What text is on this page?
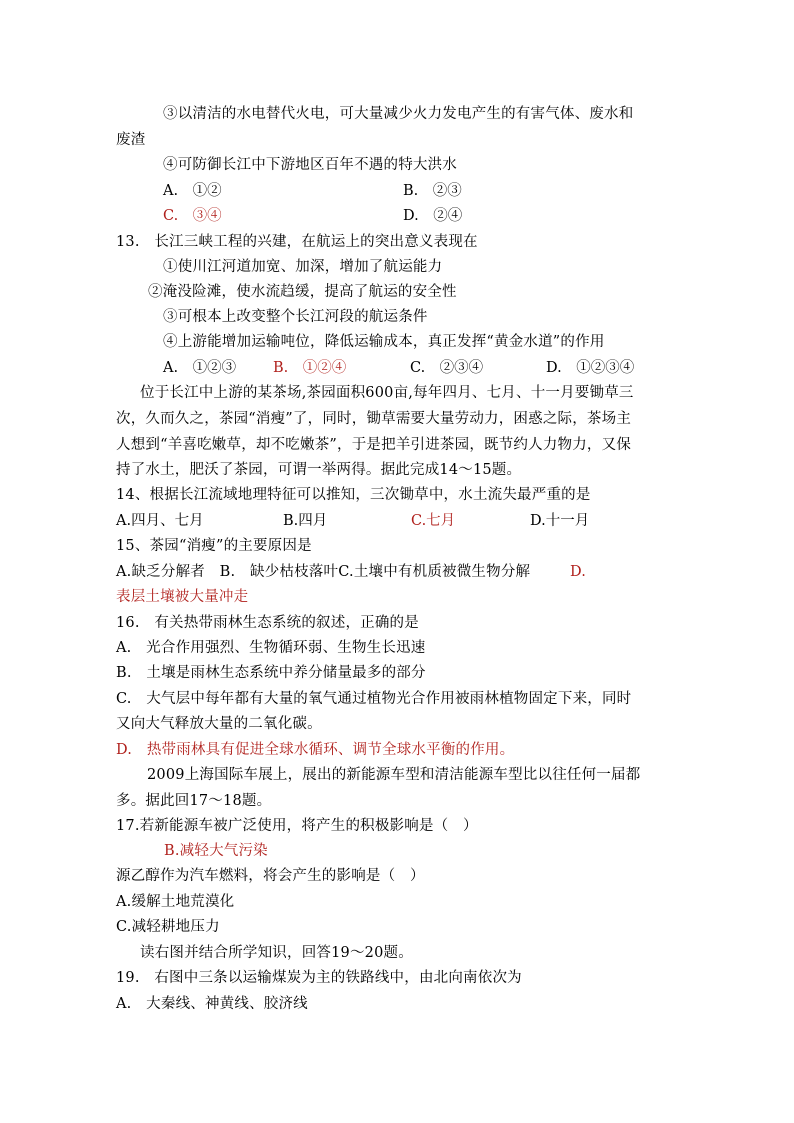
③以清洁的水电替代火电，可大量减少火力发电产生的有害气体、废水和
废渣
④可防御长江中下游地区百年不遇的特大洪水
A.　①②	B.　②③
C.　③④	D.　②④
13.　长江三峡工程的兴建，在航运上的突出意义表现在
①使川江河道加宽、加深，增加了航运能力
②淹没险滩，使水流趋缓，提高了航运的安全性
③可根本上改变整个长江河段的航运条件
④上游能增加运输吨位，降低运输成本，真正发挥“黄金水道”的作用
A.　①②③	B.　①②④	C.　②③④	D.　①②③④
位于长江中上游的某茶场,茶园面积600亩,每年四月、七月、十一月要锄草三
次，久而久之，茶园“消瘦”了，同时，锄草需要大量劳动力，困惑之际，茶场主
人想到“羊喜吃嫩草，却不吃嫩茶”，于是把羊引进茶园，既节约人力物力，又保
持了水土，肥沃了茶园，可谓一举两得。据此完成14～15题。
14、根据长江流域地理特征可以推知，三次锄草中，水土流失最严重的是
A.四月、七月	B.四月	C.七月	D.十一月
15、茶园“消瘦”的主要原因是
A.缺乏分解者　B.　缺少枯枝落叶C.土壤中有机质被微生物分解	D.
表层土壤被大量冲走
16.　有关热带雨林生态系统的叙述，正确的是
A.　光合作用强烈、生物循环弱、生物生长迅速
B.　土壤是雨林生态系统中养分储量最多的部分
C.　大气层中每年都有大量的氧气通过植物光合作用被雨林植物固定下来，同时
又向大气释放大量的二氧化碳。
D.　热带雨林具有促进全球水循环、调节全球水平衡的作用。
2009上海国际车展上，展出的新能源车型和清洁能源车型比以往任何一届都
多。据此回17～18题。
17.若新能源车被广泛使用，将产生的积极影响是（　）
B.减轻大气污染
源乙醇作为汽车燃料，将会产生的影响是（　）
A.缓解土地荒漠化
C.减轻耕地压力
读右图并结合所学知识，回答19～20题。
19.　右图中三条以运输煤炭为主的铁路线中，由北向南依次为
A.　大秦线、神黄线、胶济线
